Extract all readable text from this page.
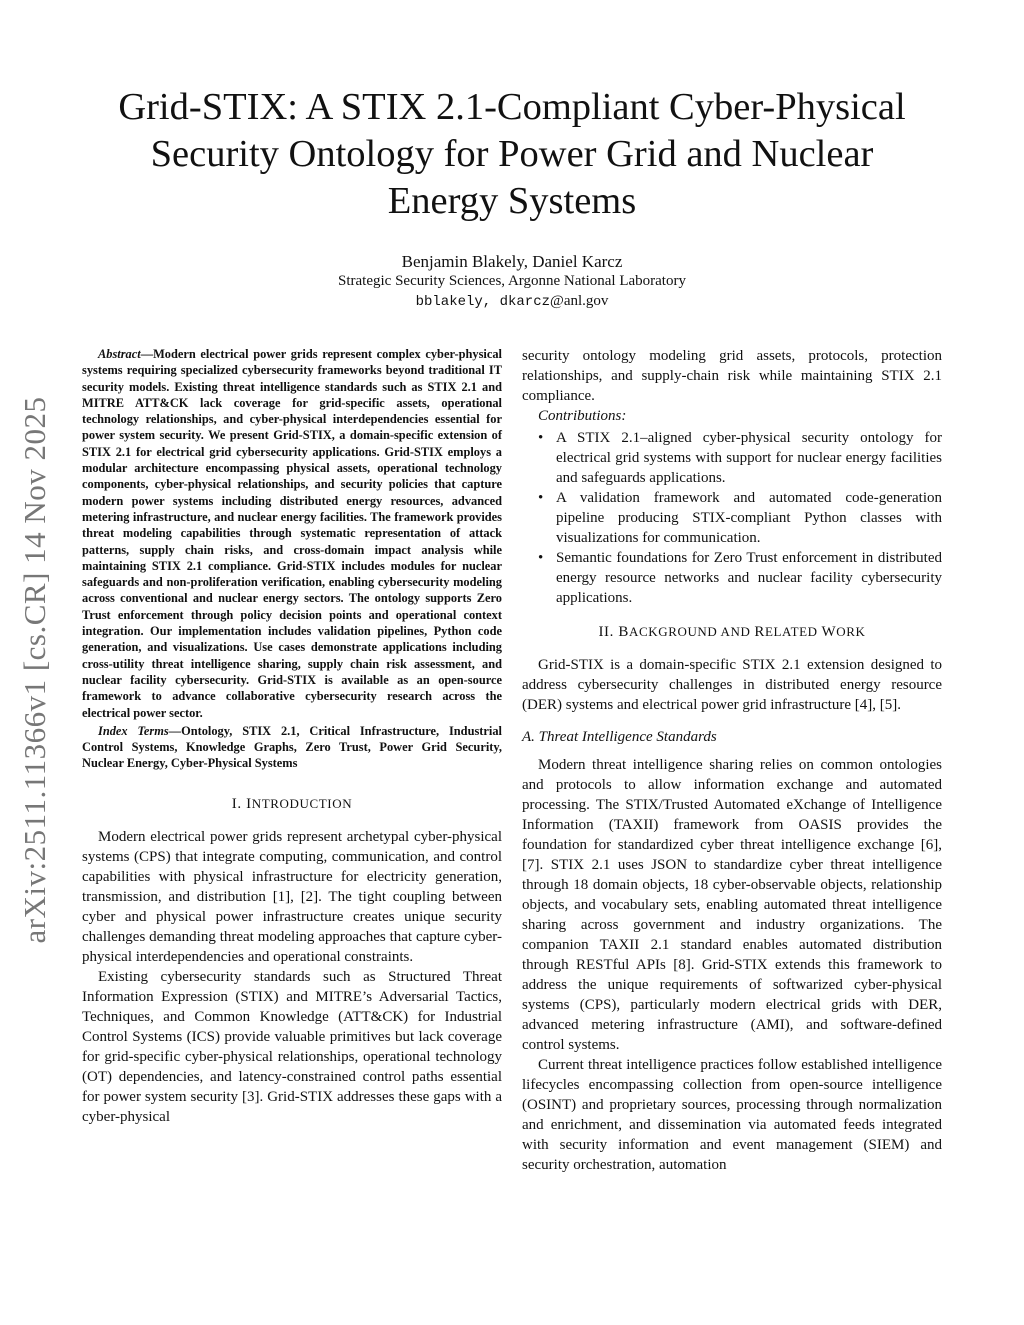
arXiv:2511.11366v1 [cs.CR] 14 Nov 2025
Grid-STIX: A STIX 2.1-Compliant Cyber-Physical
Security Ontology for Power Grid and Nuclear
Energy Systems
Benjamin Blakely, Daniel Karcz
Strategic Security Sciences, Argonne National Laboratory
bblakely, dkarcz@anl.gov

Abstract—Modern electrical power grids represent complex cyber-physical systems requiring specialized cybersecurity frameworks beyond traditional IT security models. Existing threat intelligence standards such as STIX 2.1 and MITRE ATT&CK lack coverage for grid-specific assets, operational technology relationships, and cyber-physical interdependencies essential for power system security. We present Grid-STIX, a domain-specific extension of STIX 2.1 for electrical grid cybersecurity applications. Grid-STIX employs a modular architecture encompassing physical assets, operational technology components, cyber-physical relationships, and security policies that capture modern power systems including distributed energy resources, advanced metering infrastructure, and nuclear energy facilities. The framework provides threat modeling capabilities through systematic representation of attack patterns, supply chain risks, and cross-domain impact analysis while maintaining STIX 2.1 compliance. Grid-STIX includes modules for nuclear safeguards and non-proliferation verification, enabling cybersecurity modeling across conventional and nuclear energy sectors. The ontology supports Zero Trust enforcement through policy decision points and operational context integration. Our implementation includes validation pipelines, Python code generation, and visualizations. Use cases demonstrate applications including cross-utility threat intelligence sharing, supply chain risk assessment, and nuclear facility cybersecurity. Grid-STIX is available as an open-source framework to advance collaborative cybersecurity research across the electrical power sector.

Index Terms—Ontology, STIX 2.1, Critical Infrastructure, Industrial Control Systems, Knowledge Graphs, Zero Trust, Power Grid Security, Nuclear Energy, Cyber-Physical Systems

I. INTRODUCTION

Modern electrical power grids represent archetypal cyber-physical systems (CPS) that integrate computing, communication, and control capabilities with physical infrastructure for electricity generation, transmission, and distribution [1], [2]. The tight coupling between cyber and physical power infrastructure creates unique security challenges demanding threat modeling approaches that capture cyber-physical interdependencies and operational constraints.

Existing cybersecurity standards such as Structured Threat Information Expression (STIX) and MITRE’s Adversarial Tactics, Techniques, and Common Knowledge (ATT&CK) for Industrial Control Systems (ICS) provide valuable primitives but lack coverage for grid-specific cyber-physical relationships, operational technology (OT) dependencies, and latency-constrained control paths essential for power system security [3]. Grid-STIX addresses these gaps with a cyber-physical

security ontology modeling grid assets, protocols, protection relationships, and supply-chain risk while maintaining STIX 2.1 compliance.

Contributions:
• A STIX 2.1–aligned cyber-physical security ontology for electrical grid systems with support for nuclear energy facilities and safeguards applications.
• A validation framework and automated code-generation pipeline producing STIX-compliant Python classes with visualizations for communication.
• Semantic foundations for Zero Trust enforcement in distributed energy resource networks and nuclear facility cybersecurity applications.
II. BACKGROUND AND RELATED WORK

Grid-STIX is a domain-specific STIX 2.1 extension designed to address cybersecurity challenges in distributed energy resource (DER) systems and electrical power grid infrastructure [4], [5].

A. Threat Intelligence Standards

Modern threat intelligence sharing relies on common ontologies and protocols to allow information exchange and automated processing. The STIX/Trusted Automated eXchange of Intelligence Information (TAXII) framework from OASIS provides the foundation for standardized cyber threat intelligence exchange [6], [7]. STIX 2.1 uses JSON to standardize cyber threat intelligence through 18 domain objects, 18 cyber-observable objects, relationship objects, and vocabulary sets, enabling automated threat intelligence sharing across government and industry organizations. The companion TAXII 2.1 standard enables automated distribution through RESTful APIs [8]. Grid-STIX extends this framework to address the unique requirements of softwarized cyber-physical systems (CPS), particularly modern electrical grids with DER, advanced metering infrastructure (AMI), and software-defined control systems.

Current threat intelligence practices follow established intelligence lifecycles encompassing collection from open-source intelligence (OSINT) and proprietary sources, processing through normalization and enrichment, and dissemination via automated feeds integrated with security information and event management (SIEM) and security orchestration, automation
